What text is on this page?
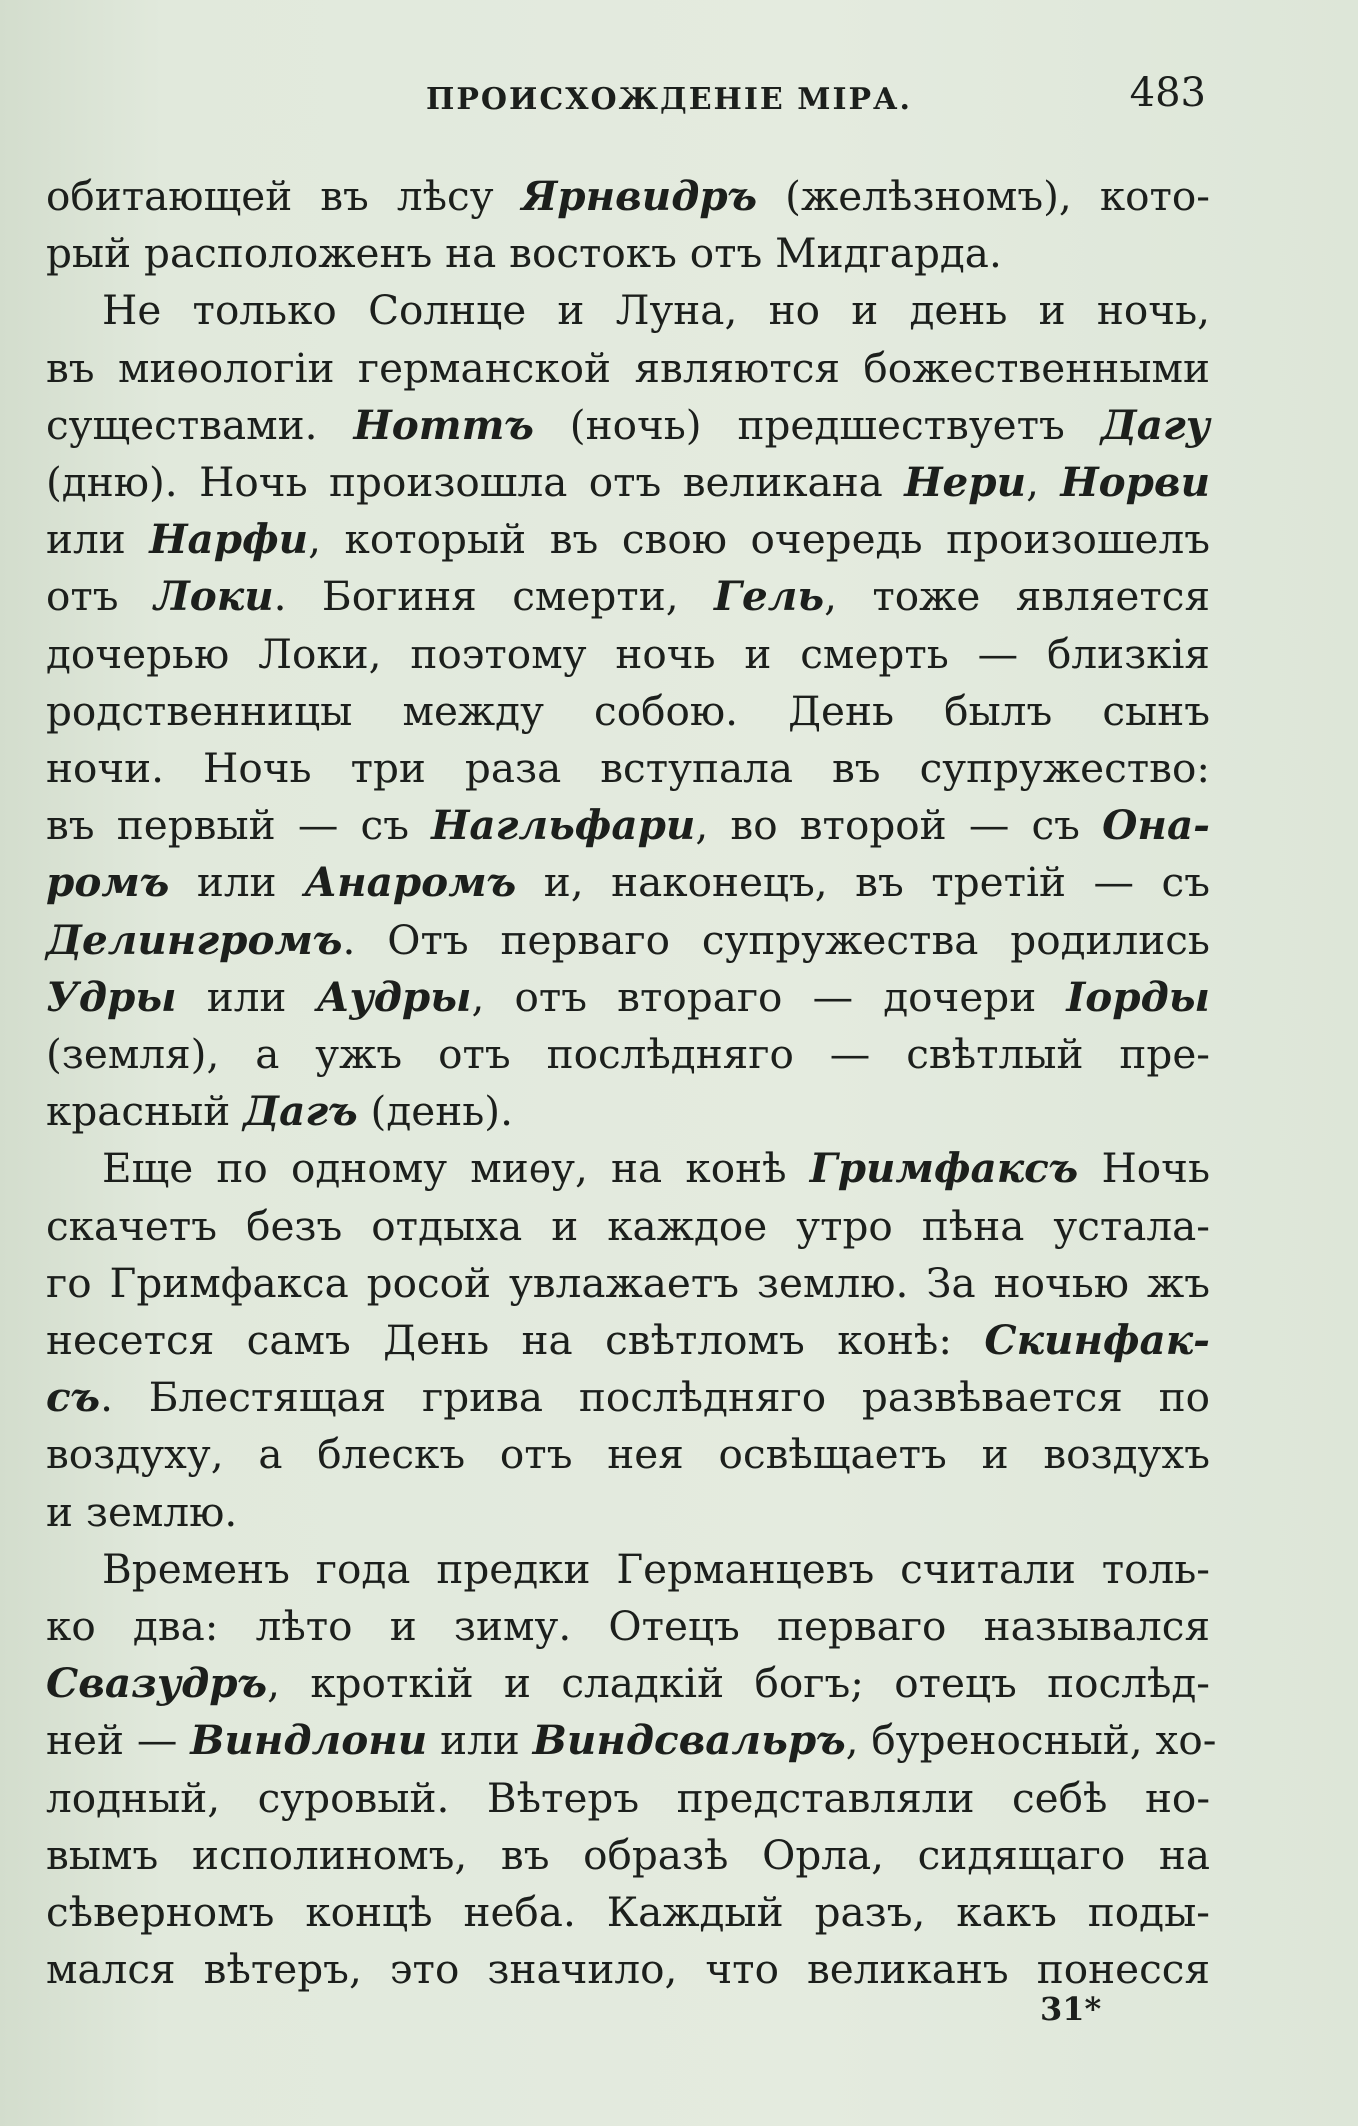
ПРОИСХОЖДЕНІЕ МІРА.	483
обитающей въ лѣсу Ярнвидръ (желѣзномъ), кото-
рый расположенъ на востокъ отъ Мидгарда.
Не только Солнце и Луна, но и день и ночь,
въ миѳологіи германской являются божественными
существами. Ноттъ (ночь) предшествуетъ Дагу
(дню). Ночь произошла отъ великана Нери, Норви
или Нарфи, который въ свою очередь произошелъ
отъ Локи. Богиня смерти, Гель, тоже является
дочерью Локи, поэтому ночь и смерть — близкія
родственницы между собою. День былъ сынъ
ночи. Ночь три раза вступала въ супружество:
въ первый — съ Нагльфари, во второй — съ Она-
ромъ или Анаромъ и, наконецъ, въ третій — съ
Делингромъ. Отъ перваго супружества родились
Удры или Аудры, отъ втораго — дочери Іорды
(земля), а ужъ отъ послѣдняго — свѣтлый пре-
красный Дагъ (день).
Еще по одному миѳу, на конѣ Гримфаксъ Ночь
скачетъ безъ отдыха и каждое утро пѣна устала-
го Гримфакса росой увлажаетъ землю. За ночью жъ
несется самъ День на свѣтломъ конѣ: Скинфак-
съ. Блестящая грива послѣдняго развѣвается по
воздуху, а блескъ отъ нея освѣщаетъ и воздухъ
и землю.
Временъ года предки Германцевъ считали толь-
ко два: лѣто и зиму. Отецъ перваго назывался
Свазудръ, кроткій и сладкій богъ; отецъ послѣд-
ней — Виндлони или Виндсвальръ, буреносный, хо-
лодный, суровый. Вѣтеръ представляли себѣ но-
вымъ исполиномъ, въ образѣ Орла, сидящаго на
сѣверномъ концѣ неба. Каждый разъ, какъ поды-
мался вѣтеръ, это значило, что великанъ понесся
31*
